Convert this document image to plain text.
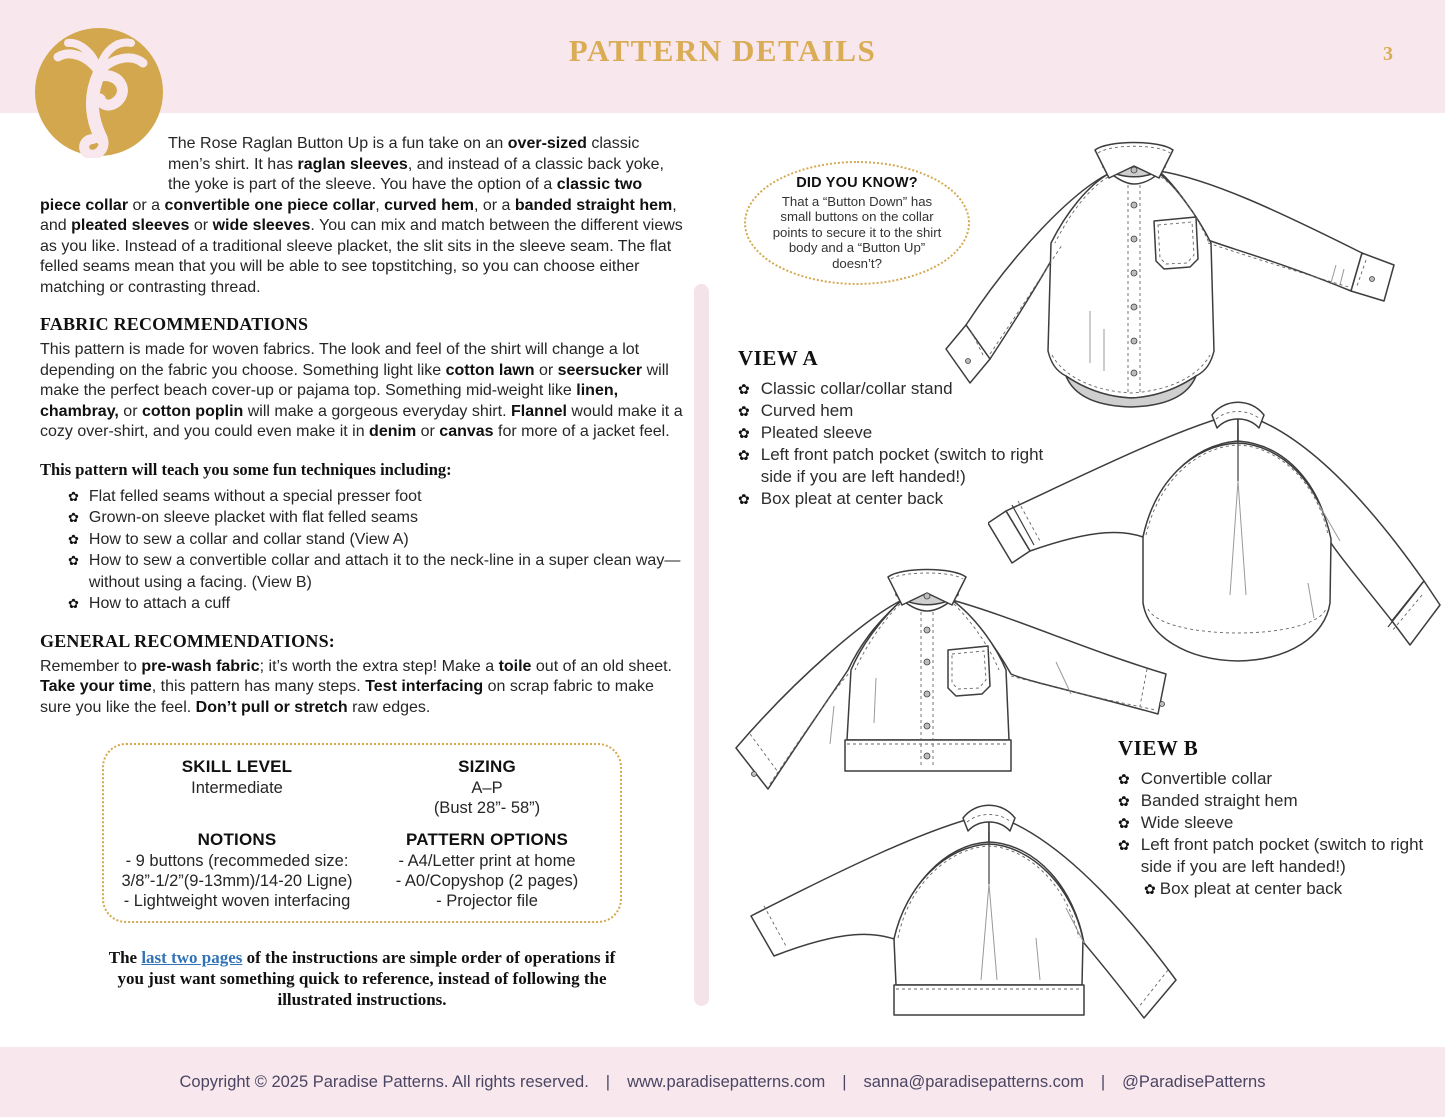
PATTERN DETAILS	3

The Rose Raglan Button Up is a fun take on an over-sized classic men’s shirt. It has raglan sleeves, and instead of a classic back yoke, the yoke is part of the sleeve. You have the option of a classic two piece collar or a convertible one piece collar, curved hem, or a banded straight hem, and pleated sleeves or wide sleeves. You can mix and match between the different views as you like. Instead of a traditional sleeve placket, the slit sits in the sleeve seam. The flat felled seams mean that you will be able to see topstitching, so you can choose either matching or contrasting thread.

FABRIC RECOMMENDATIONS

This pattern is made for woven fabrics. The look and feel of the shirt will change a lot depending on the fabric you choose. Something light like cotton lawn or seersucker will make the perfect beach cover-up or pajama top. Something mid-weight like linen, chambray, or cotton poplin will make a gorgeous everyday shirt. Flannel would make it a cozy over-shirt, and you could even make it in denim or canvas for more of a jacket feel.

This pattern will teach you some fun techniques including:
✿ Flat felled seams without a special presser foot
✿ Grown-on sleeve placket with flat felled seams
✿ How to sew a collar and collar stand (View A)
✿ How to sew a convertible collar and attach it to the neck-line in a super clean way—without using a facing. (View B)
✿ How to attach a cuff
GENERAL RECOMMENDATIONS:

Remember to pre-wash fabric; it’s worth the extra step! Make a toile out of an old sheet. Take your time, this pattern has many steps. Test interfacing on scrap fabric to make sure you like the feel. Don’t pull or stretch raw edges.

SKILL LEVEL
Intermediate
SIZING
A–P
(Bust 28”- 58”)
NOTIONS
- 9 buttons (recommeded size:
3/8”-1/2”(9-13mm)/14-20 Ligne)
- Lightweight woven interfacing
PATTERN OPTIONS
- A4/Letter print at home
- A0/Copyshop (2 pages)
- Projector file

The last two pages of the instructions are simple order of operations if you just want something quick to reference, instead of following the illustrated instructions.

DID YOU KNOW?
That a “Button Down” has small buttons on the collar points to secure it to the shirt body and a “Button Up” doesn’t?
VIEW A
✿ Classic collar/collar stand
✿ Curved hem
✿ Pleated sleeve
✿ Left front patch pocket (switch to right side if you are left handed!)
✿ Box pleat at center back
VIEW B
✿ Convertible collar
✿ Banded straight hem
✿ Wide sleeve
✿ Left front patch pocket (switch to right side if you are left handed!)
✿ Box pleat at center back
Copyright © 2025 Paradise Patterns. All rights reserved. | www.paradisepatterns.com | sanna@paradisepatterns.com | @ParadisePatterns
